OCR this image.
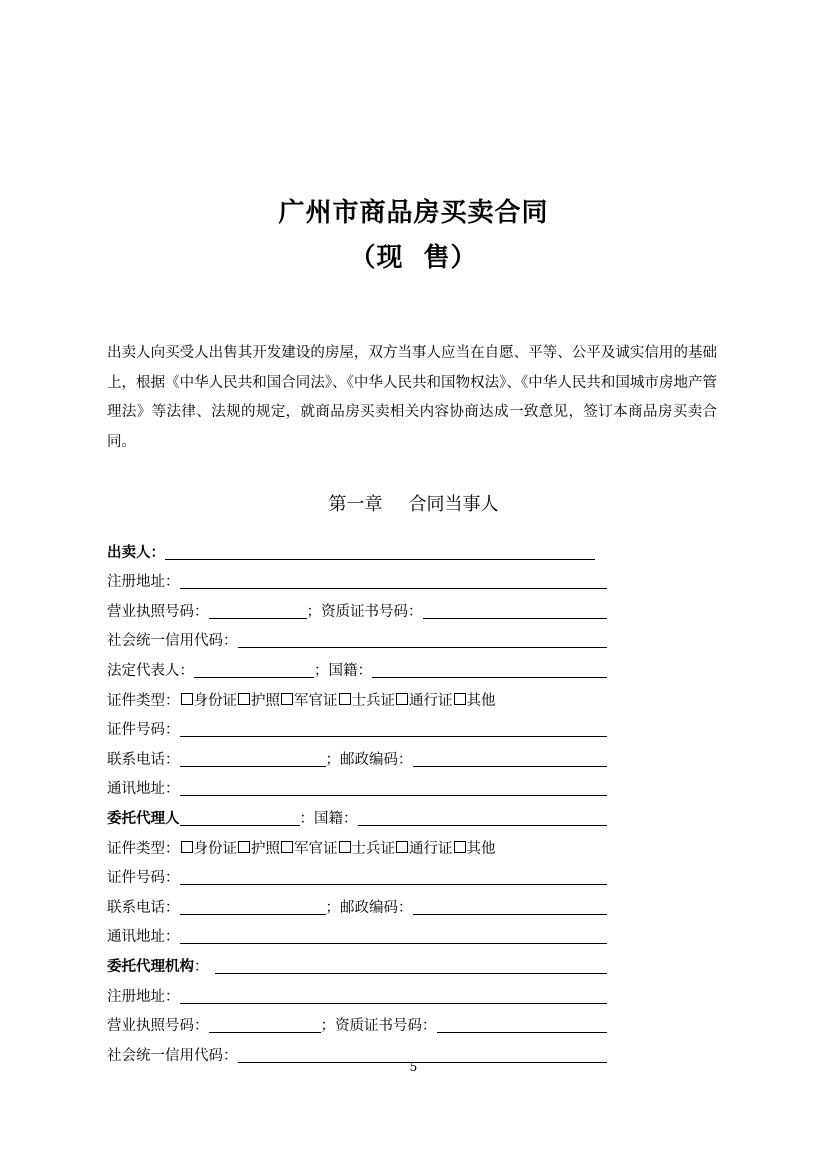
广州市商品房买卖合同
（现  售）
出卖人向买受人出售其开发建设的房屋，双方当事人应当在自愿、平等、公平及诚实信用的基础上，根据《中华人民共和国合同法》、《中华人民共和国物权法》、《中华人民共和国城市房地产管理法》等法律、法规的规定，就商品房买卖相关内容协商达成一致意见，签订本商品房买卖合同。
第一章 合同当事人
出卖人：
注册地址：
营业执照号码：	；资质证书号码：
社会统一信用代码：
法定代表人：	；国籍：
证件类型： 身份证 护照 军官证 士兵证 通行证 其他
证件号码：
联系电话：	；邮政编码：
通讯地址：
委托代理人	：国籍：
证件类型： 身份证 护照 军官证 士兵证 通行证 其他
证件号码：
联系电话：	；邮政编码：
通讯地址：
委托代理机构 ：
注册地址：
营业执照号码：	；资质证书号码：
社会统一信用代码：
5
